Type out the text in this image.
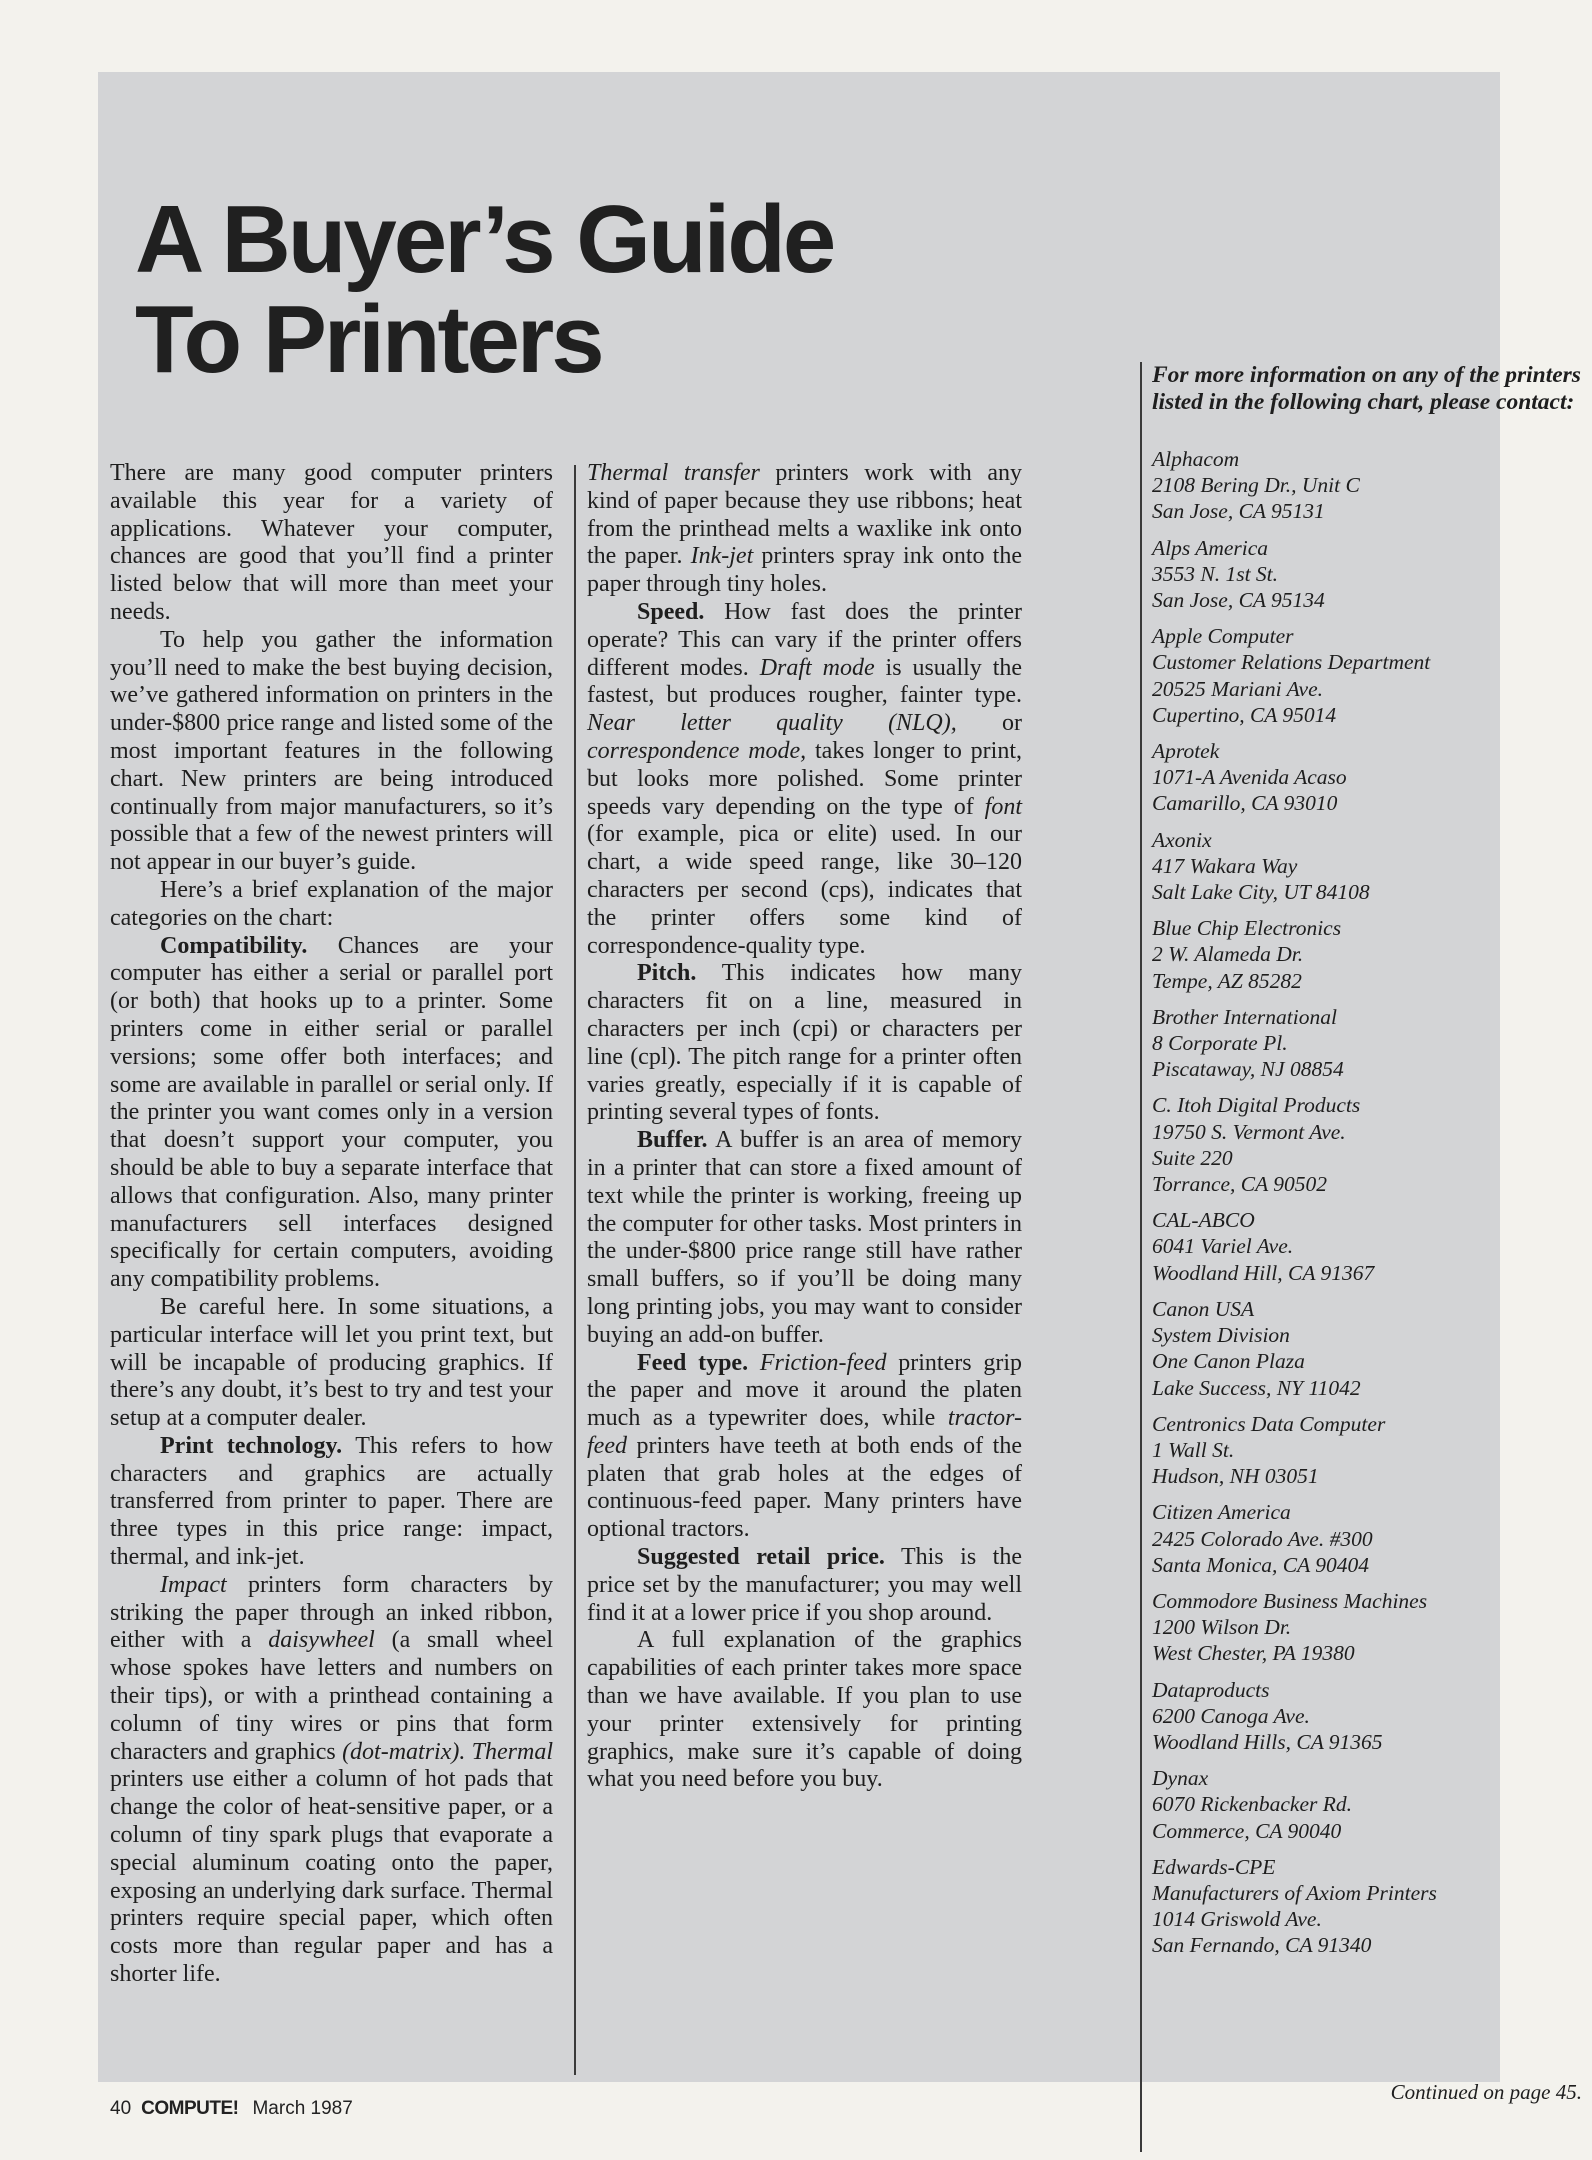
For more information on any of the printers listed in the following chart, please contact:

Alphacom
2108 Bering Dr., Unit C
San Jose, CA 95131
Alps America
3553 N. 1st St.
San Jose, CA 95134
Apple Computer
Customer Relations Department
20525 Mariani Ave.
Cupertino, CA 95014
Aprotek
1071-A Avenida Acaso
Camarillo, CA 93010
Axonix
417 Wakara Way
Salt Lake City, UT 84108
Blue Chip Electronics
2 W. Alameda Dr.
Tempe, AZ 85282
Brother International
8 Corporate Pl.
Piscataway, NJ 08854
C. Itoh Digital Products
19750 S. Vermont Ave.
Suite 220
Torrance, CA 90502
CAL-ABCO
6041 Variel Ave.
Woodland Hill, CA 91367
Canon USA
System Division
One Canon Plaza
Lake Success, NY 11042
Centronics Data Computer
1 Wall St.
Hudson, NH 03051
Citizen America
2425 Colorado Ave. #300
Santa Monica, CA 90404
Commodore Business Machines
1200 Wilson Dr.
West Chester, PA 19380
Dataproducts
6200 Canoga Ave.
Woodland Hills, CA 91365
Dynax
6070 Rickenbacker Rd.
Commerce, CA 90040
Edwards-CPE
Manufacturers of Axiom Printers
1014 Griswold Ave.
San Fernando, CA 91340
Continued on page 45.
A Buyer’s Guide
To Printers

There are many good computer printers available this year for a variety of applications. Whatever your computer, chances are good that you’ll find a printer listed below that will more than meet your needs.

To help you gather the information you’ll need to make the best buying decision, we’ve gathered information on printers in the under-$800 price range and listed some of the most important features in the following chart. New printers are being introduced continually from major manufacturers, so it’s possible that a few of the newest printers will not appear in our buyer’s guide.

Here’s a brief explanation of the major categories on the chart:

Compatibility. Chances are your computer has either a serial or parallel port (or both) that hooks up to a printer. Some printers come in either serial or parallel versions; some offer both interfaces; and some are available in parallel or serial only. If the printer you want comes only in a version that doesn’t support your computer, you should be able to buy a separate interface that allows that configuration. Also, many printer manufacturers sell interfaces designed specifically for certain computers, avoiding any compatibility problems.

Be careful here. In some situations, a particular interface will let you print text, but will be incapable of producing graphics. If there’s any doubt, it’s best to try and test your setup at a computer dealer.

Print technology. This refers to how characters and graphics are actually transferred from printer to paper. There are three types in this price range: impact, thermal, and ink-jet.

Impact printers form characters by striking the paper through an inked ribbon, either with a daisywheel (a small wheel whose spokes have letters and numbers on their tips), or with a printhead containing a column of tiny wires or pins that form characters and graphics (dot-matrix). Thermal printers use either a column of hot pads that change the color of heat-sensitive paper, or a column of tiny spark plugs that evaporate a special aluminum coating onto the paper, exposing an underlying dark surface. Thermal printers require special paper, which often costs more than regular paper and has a shorter life.

Thermal transfer printers work with any kind of paper because they use ribbons; heat from the printhead melts a waxlike ink onto the paper. Ink-jet printers spray ink onto the paper through tiny holes.

Speed. How fast does the printer operate? This can vary if the printer offers different modes. Draft mode is usually the fastest, but produces rougher, fainter type. Near letter quality (NLQ), or correspondence mode, takes longer to print, but looks more polished. Some printer speeds vary depending on the type of font (for example, pica or elite) used. In our chart, a wide speed range, like 30–120 characters per second (cps), indicates that the printer offers some kind of correspondence-quality type.

Pitch. This indicates how many characters fit on a line, measured in characters per inch (cpi) or characters per line (cpl). The pitch range for a printer often varies greatly, especially if it is capable of printing several types of fonts.

Buffer. A buffer is an area of memory in a printer that can store a fixed amount of text while the printer is working, freeing up the computer for other tasks. Most printers in the under-$800 price range still have rather small buffers, so if you’ll be doing many long printing jobs, you may want to consider buying an add-on buffer.

Feed type. Friction-feed printers grip the paper and move it around the platen much as a typewriter does, while tractor-feed printers have teeth at both ends of the platen that grab holes at the edges of continuous-feed paper. Many printers have optional tractors.

Suggested retail price. This is the price set by the manufacturer; you may well find it at a lower price if you shop around.

A full explanation of the graphics capabilities of each printer takes more space than we have available. If you plan to use your printer extensively for printing graphics, make sure it’s capable of doing what you need before you buy.

40 COMPUTE! March 1987
